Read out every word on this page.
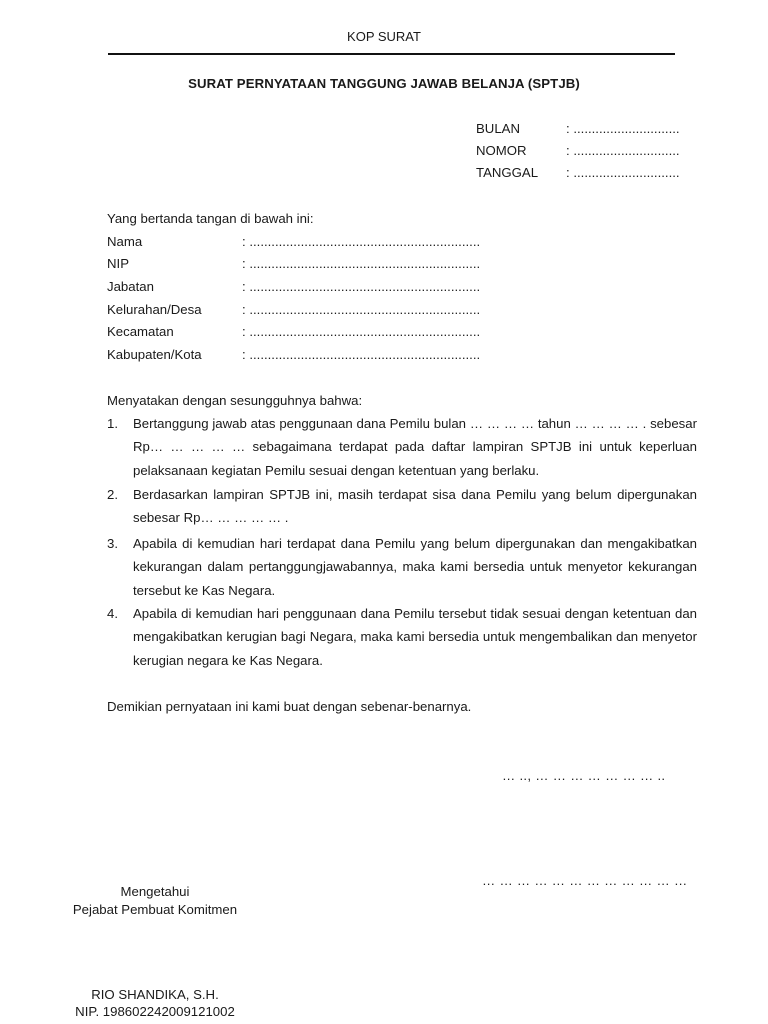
KOP SURAT
SURAT PERNYATAAN TANGGUNG JAWAB BELANJA (SPTJB)
BULAN	: .............................
NOMOR	: .............................
TANGGAL : .............................
Yang bertanda tangan di bawah ini:
Nama	: ...............................................................
NIP	: ...............................................................
Jabatan	: ...............................................................
Kelurahan/Desa	: ...............................................................
Kecamatan	: ...............................................................
Kabupaten/Kota	: ...............................................................
Menyatakan dengan sesungguhnya bahwa:
1. Bertanggung jawab atas penggunaan dana Pemilu bulan … … … … tahun … … … … . sebesar Rp… … … … … sebagaimana terdapat pada daftar lampiran SPTJB ini untuk keperluan pelaksanaan kegiatan Pemilu sesuai dengan ketentuan yang berlaku.
2. Berdasarkan lampiran SPTJB ini, masih terdapat sisa dana Pemilu yang belum dipergunakan sebesar Rp… … … … … .
3. Apabila di kemudian hari terdapat dana Pemilu yang belum dipergunakan dan mengakibatkan kekurangan dalam pertanggungjawabannya, maka kami bersedia untuk menyetor kekurangan tersebut ke Kas Negara.
4. Apabila di kemudian hari penggunaan dana Pemilu tersebut tidak sesuai dengan ketentuan dan mengakibatkan kerugian bagi Negara, maka kami bersedia untuk mengembalikan dan menyetor kerugian negara ke Kas Negara.
Demikian pernyataan ini kami buat dengan sebenar-benarnya.
… .., … … … … … … … ..
… … … … … … … … … … … …
Mengetahui
Pejabat Pembuat Komitmen
RIO SHANDIKA, S.H.
NIP. 198602242009121002
